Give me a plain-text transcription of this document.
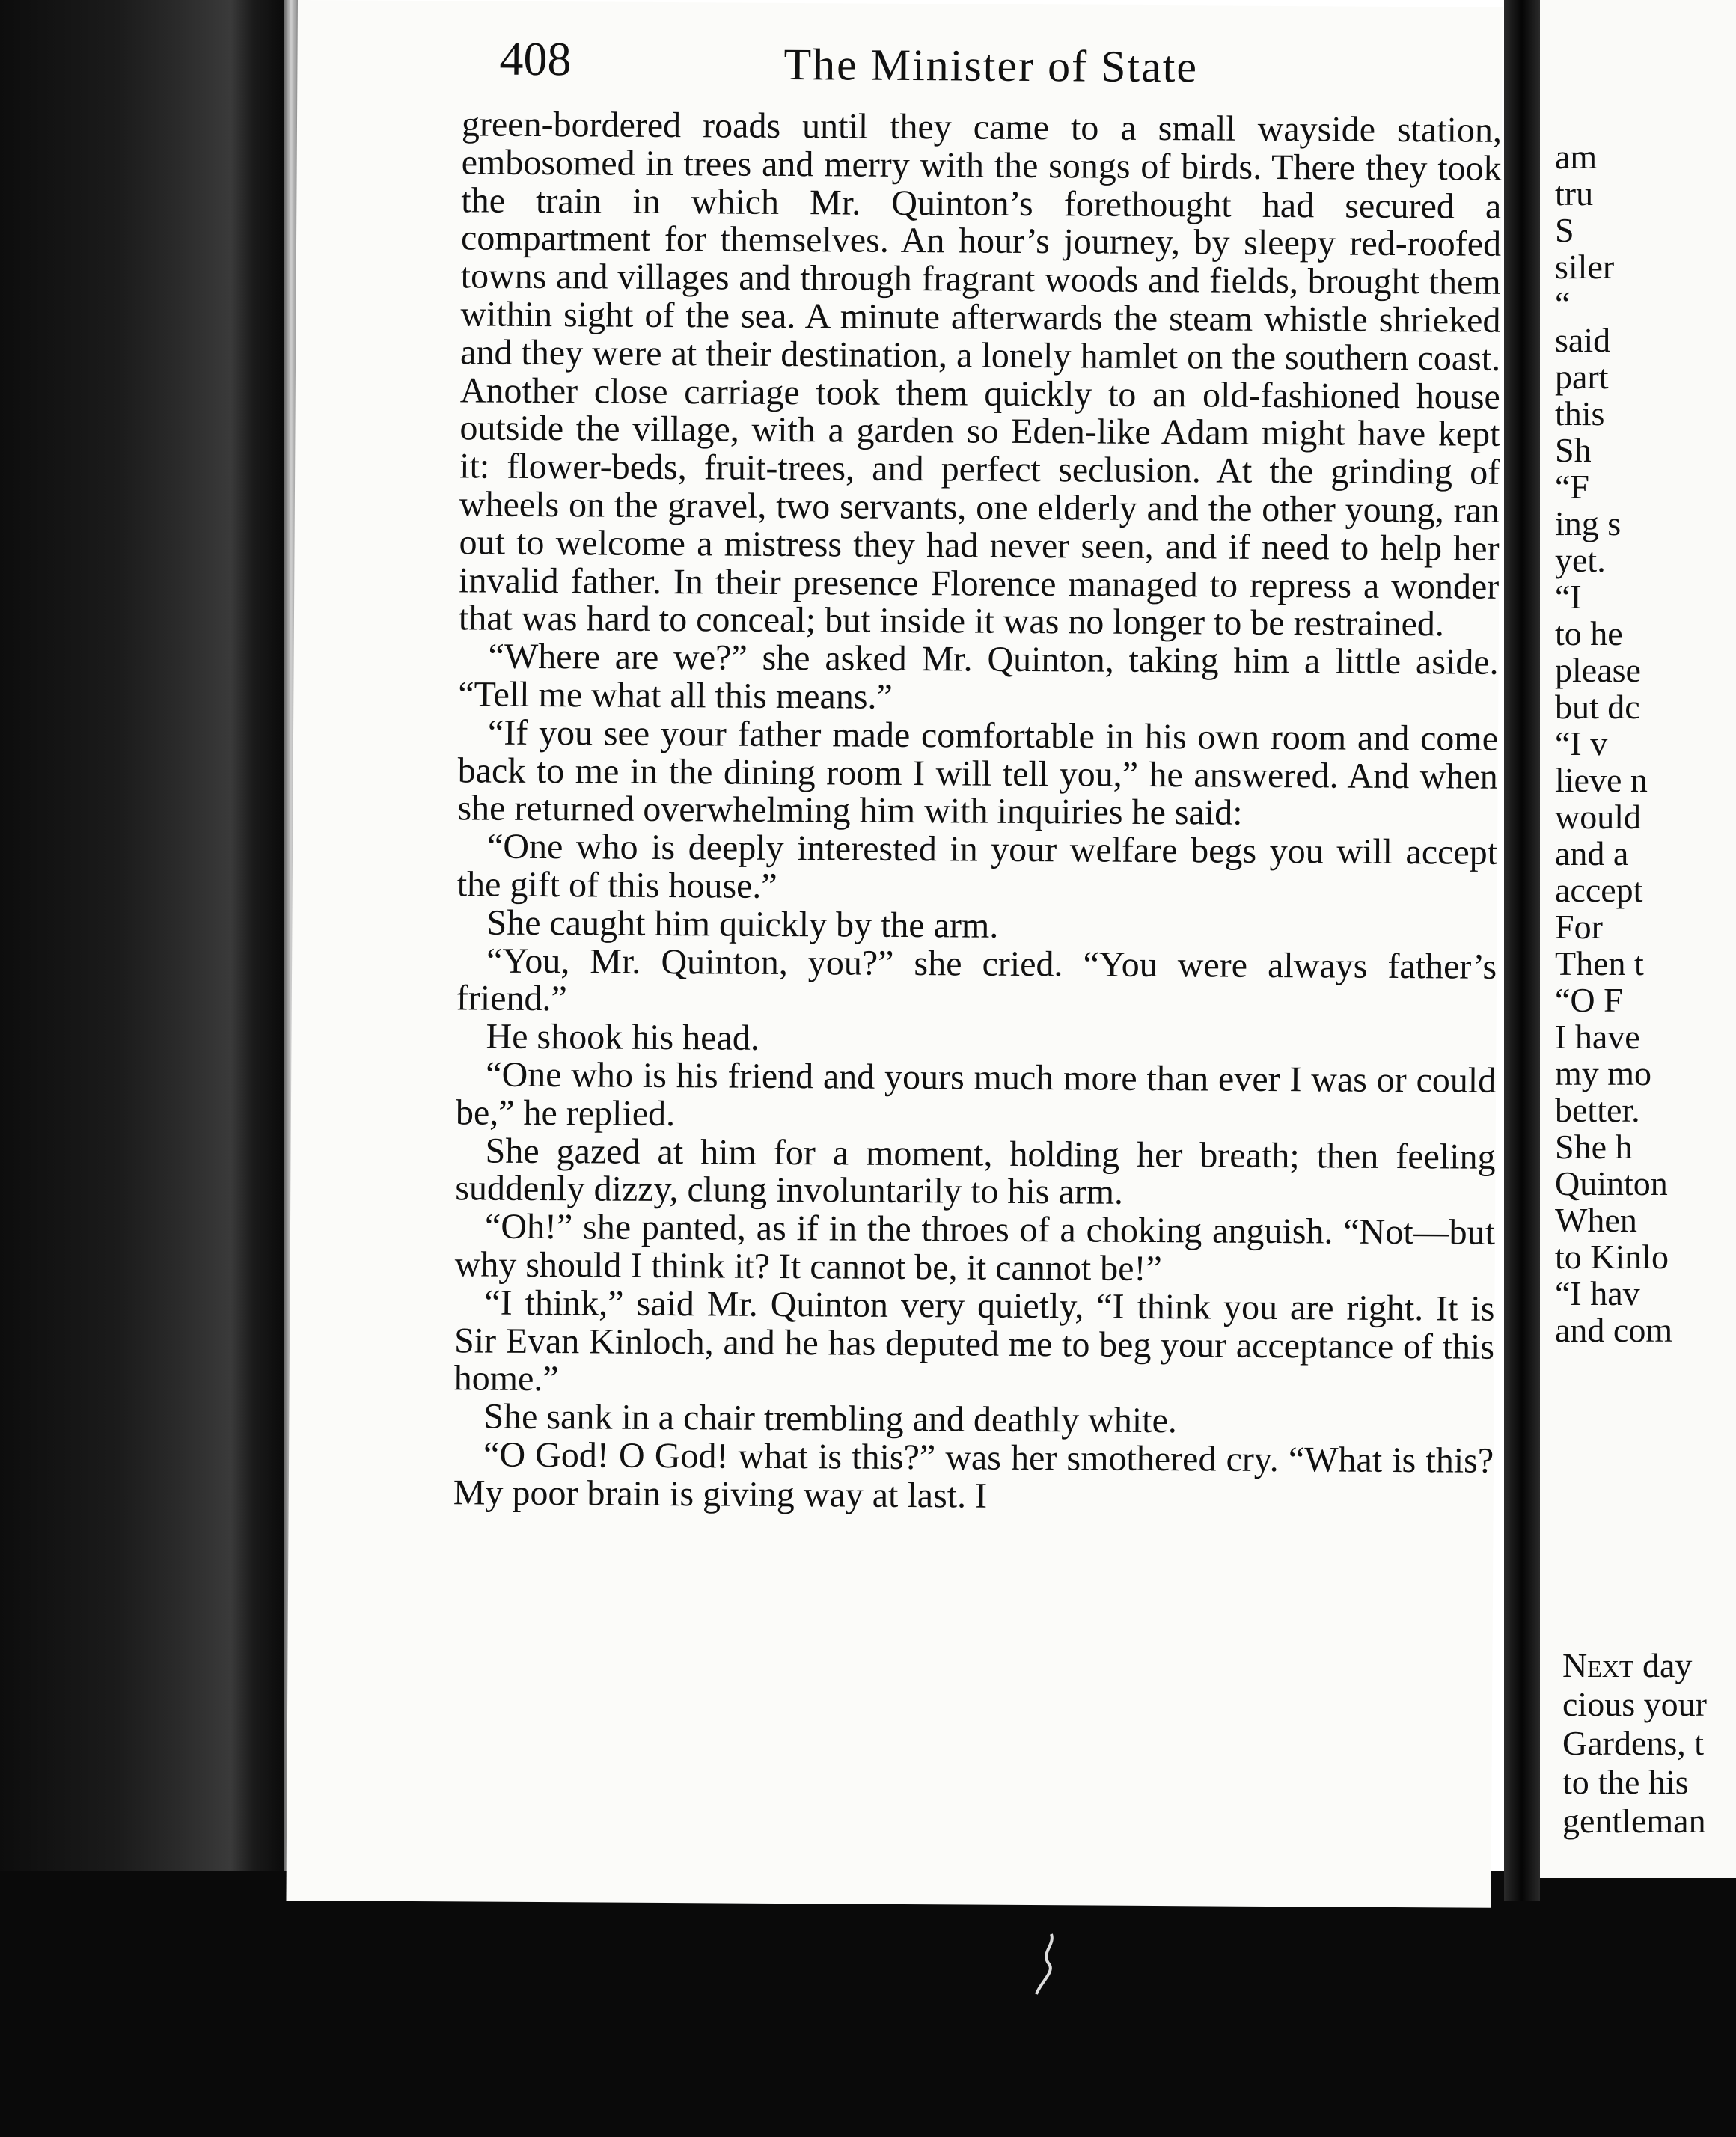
408	The Minister of State

green-bordered roads until they came to a small wayside station, embosomed in trees and merry with the songs of birds. There they took the train in which Mr. Quinton’s forethought had secured a compartment for themselves. An hour’s journey, by sleepy red-roofed towns and villages and through fragrant woods and fields, brought them within sight of the sea. A minute afterwards the steam whistle shrieked and they were at their destination, a lonely hamlet on the southern coast. Another close carriage took them quickly to an old-fashioned house outside the village, with a garden so Eden-like Adam might have kept it: flower-beds, fruit-trees, and perfect seclusion. At the grinding of wheels on the gravel, two servants, one elderly and the other young, ran out to welcome a mistress they had never seen, and if need to help her invalid father. In their presence Florence managed to repress a wonder that was hard to conceal; but inside it was no longer to be restrained.

“Where are we?” she asked Mr. Quinton, taking him a little aside. “Tell me what all this means.”

“If you see your father made comfortable in his own room and come back to me in the dining room I will tell you,” he answered. And when she returned overwhelming him with inquiries he said:

“One who is deeply interested in your welfare begs you will accept the gift of this house.”

She caught him quickly by the arm.

“You, Mr. Quinton, you?” she cried. “You were always father’s friend.”

He shook his head.

“One who is his friend and yours much more than ever I was or could be,” he replied.

She gazed at him for a moment, holding her breath; then feeling suddenly dizzy, clung involuntarily to his arm.

“Oh!” she panted, as if in the throes of a choking anguish. “Not—but why should I think it? It cannot be, it cannot be!”

“I think,” said Mr. Quinton very quietly, “I think you are right. It is Sir Evan Kinloch, and he has deputed me to beg your acceptance of this home.”

She sank in a chair trembling and deathly white.

“O God! O God! what is this?” was her smothered cry. “What is this? My poor brain is giving way at last. I

am
tru
S
siler
“
said
part
this
Sh
“F
ing s
yet.
“I
to he
please
but dc
“I v
lieve n
would
and a
accept
For
Then t
“O F
I have
my mo
better.
She h
Quinton
When
to Kinlo
“I hav
and com
Next day
cious your
Gardens, t
to the his
gentleman
